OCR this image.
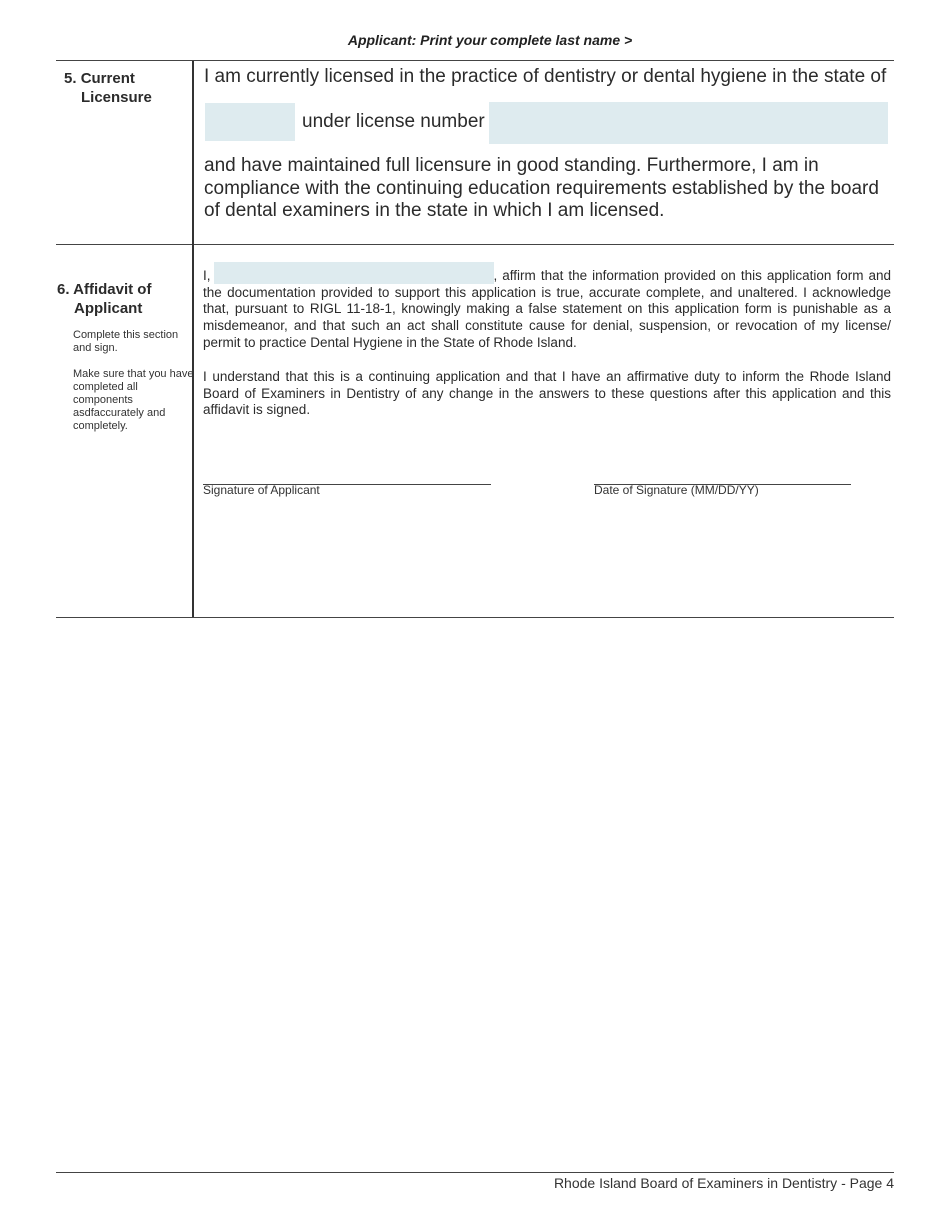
Applicant: Print your complete last name >
5. Current
Licensure
I am currently licensed in the practice of dentistry or dental hygiene in the state of
under license number
and have maintained full licensure in good standing. Furthermore, I am in compliance with the continuing education requirements established by the board of dental examiners in the state in which I am licensed.
6. Affidavit of
Applicant
Complete this section and sign.
Make sure that you have completed all components asdfaccurately and completely.
I,	, affirm that the information provided on this application form and the documentation provided to support this application is true, accurate complete, and unaltered. I acknowledge that, pursuant to RIGL 11-18-1, knowingly making a false statement on this application form is punishable as a misdemeanor, and that such an act shall constitute cause for denial, suspension, or revocation of my license/ permit to practice Dental Hygiene in the State of Rhode Island.
I understand that this is a continuing application and that I have an affirmative duty to inform the Rhode Island Board of Examiners in Dentistry of any change in the answers to these questions after this application and this affidavit is signed.
Signature of Applicant	Date of Signature (MM/DD/YY)
Rhode Island Board of Examiners in Dentistry - Page 4
